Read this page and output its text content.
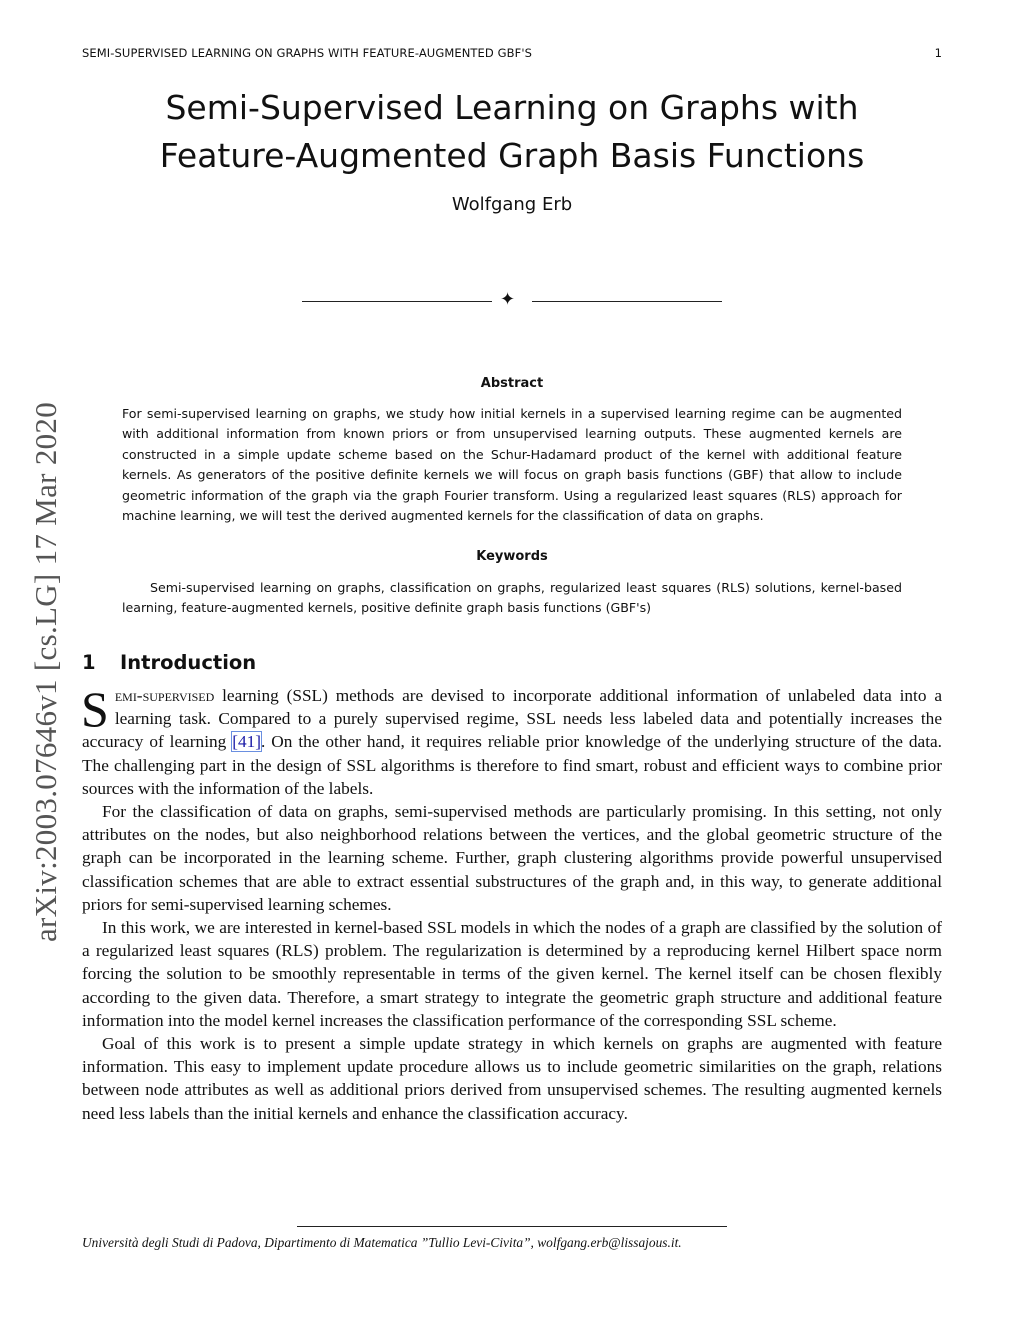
SEMI-SUPERVISED LEARNING ON GRAPHS WITH FEATURE-AUGMENTED GBF'S	1
Semi-Supervised Learning on Graphs with
Feature-Augmented Graph Basis Functions
Wolfgang Erb
✦
arXiv:2003.07646v1 [cs.LG] 17 Mar 2020
Abstract
For semi-supervised learning on graphs, we study how initial kernels in a supervised learning regime can be augmented with additional information from known priors or from unsupervised learning outputs. These augmented kernels are constructed in a simple update scheme based on the Schur-Hadamard product of the kernel with additional feature kernels. As generators of the positive definite kernels we will focus on graph basis functions (GBF) that allow to include geometric information of the graph via the graph Fourier transform. Using a regularized least squares (RLS) approach for machine learning, we will test the derived augmented kernels for the classification of data on graphs.
Keywords
Semi-supervised learning on graphs, classification on graphs, regularized least squares (RLS) solutions, kernel-based learning, feature-augmented kernels, positive definite graph basis functions (GBF's)
1 Introduction

Semi-supervised learning (SSL) methods are devised to incorporate additional information of unlabeled data into a learning task. Compared to a purely supervised regime, SSL needs less labeled data and potentially increases the accuracy of learning [41]. On the other hand, it requires reliable prior knowledge of the underlying structure of the data. The challenging part in the design of SSL algorithms is therefore to find smart, robust and efficient ways to combine prior sources with the information of the labels.

For the classification of data on graphs, semi-supervised methods are particularly promising. In this setting, not only attributes on the nodes, but also neighborhood relations between the vertices, and the global geometric structure of the graph can be incorporated in the learning scheme. Further, graph clustering algorithms provide powerful unsupervised classification schemes that are able to extract essential substructures of the graph and, in this way, to generate additional priors for semi-supervised learning schemes.

In this work, we are interested in kernel-based SSL models in which the nodes of a graph are classified by the solution of a regularized least squares (RLS) problem. The regularization is determined by a reproducing kernel Hilbert space norm forcing the solution to be smoothly representable in terms of the given kernel. The kernel itself can be chosen flexibly according to the given data. Therefore, a smart strategy to integrate the geometric graph structure and additional feature information into the model kernel increases the classification performance of the corresponding SSL scheme.

Goal of this work is to present a simple update strategy in which kernels on graphs are augmented with feature information. This easy to implement update procedure allows us to include geometric similarities on the graph, relations between node attributes as well as additional priors derived from unsupervised schemes. The resulting augmented kernels need less labels than the initial kernels and enhance the classification accuracy.

Università degli Studi di Padova, Dipartimento di Matematica ”Tullio Levi-Civita”, wolfgang.erb@lissajous.it.
